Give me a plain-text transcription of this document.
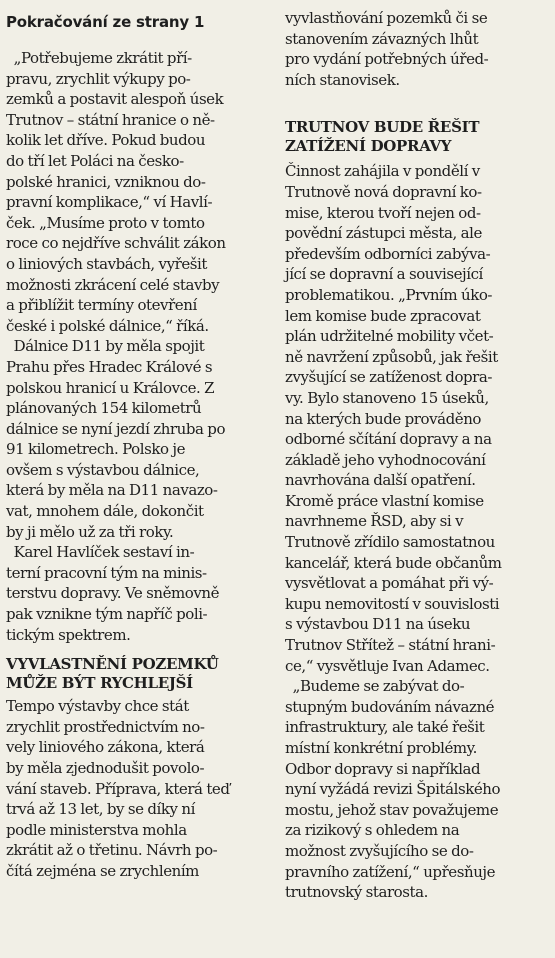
Pokračování ze strany 1
„Potřebujeme zkrátit pří-
pravu, zrychlit výkupy po-
zemků a postavit alespoň úsek
Trutnov – státní hranice o ně-
kolik let dříve. Pokud budou
do tří let Poláci na česko-
polské hranici, vzniknou do-
pravní komplikace,“ ví Havlí-
ček. „Musíme proto v tomto
roce co nejdříve schválit zákon
o liniových stavbách, vyřešit
možnosti zkrácení celé stavby
a přiblížit termíny otevření
české i polské dálnice,“ říká.
Dálnice D11 by měla spojit
Prahu přes Hradec Králové s
polskou hranicí u Královce. Z
plánovaných 154 kilometrů
dálnice se nyní jezdí zhruba po
91 kilometrech. Polsko je
ovšem s výstavbou dálnice,
která by měla na D11 navazo-
vat, mnohem dále, dokončit
by ji mělo už za tři roky.
Karel Havlíček sestaví in-
terní pracovní tým na minis-
terstvu dopravy. Ve sněmovně
pak vznikne tým napříč poli-
tickým spektrem.
VYVLASTNĚNÍ POZEMKŮ
MŮŽE BÝT RYCHLEJŠÍ
Tempo výstavby chce stát
zrychlit prostřednictvím no-
vely liniového zákona, která
by měla zjednodušit povolo-
vání staveb. Příprava, která teď
trvá až 13 let, by se díky ní
podle ministerstva mohla
zkrátit až o třetinu. Návrh po-
čítá zejména se zrychlením
vyvlastňování pozemků či se
stanovením závazných lhůt
pro vydání potřebných úřed-
ních stanovisek.
TRUTNOV BUDE ŘEŠIT
ZATÍŽENÍ DOPRAVY
Činnost zahájila v pondělí v
Trutnově nová dopravní ko-
mise, kterou tvoří nejen od-
povědní zástupci města, ale
především odborníci zabýva-
jící se dopravní a související
problematikou. „Prvním úko-
lem komise bude zpracovat
plán udržitelné mobility včet-
ně navržení způsobů, jak řešit
zvyšující se zatíženost dopra-
vy. Bylo stanoveno 15 úseků,
na kterých bude prováděno
odborné sčítání dopravy a na
základě jeho vyhodnocování
navrhována další opatření.
Kromě práce vlastní komise
navrhneme ŘSD, aby si v
Trutnově zřídilo samostatnou
kancelář, která bude občanům
vysvětlovat a pomáhat při vý-
kupu nemovitostí v souvislosti
s výstavbou D11 na úseku
Trutnov Střítež – státní hrani-
ce,“ vysvětluje Ivan Adamec.
„Budeme se zabývat do-
stupným budováním návazné
infrastruktury, ale také řešit
místní konkrétní problémy.
Odbor dopravy si například
nyní vyžádá revizi Špitálského
mostu, jehož stav považujeme
za rizikový s ohledem na
možnost zvyšujícího se do-
pravního zatížení,“ upřesňuje
trutnovský starosta.
